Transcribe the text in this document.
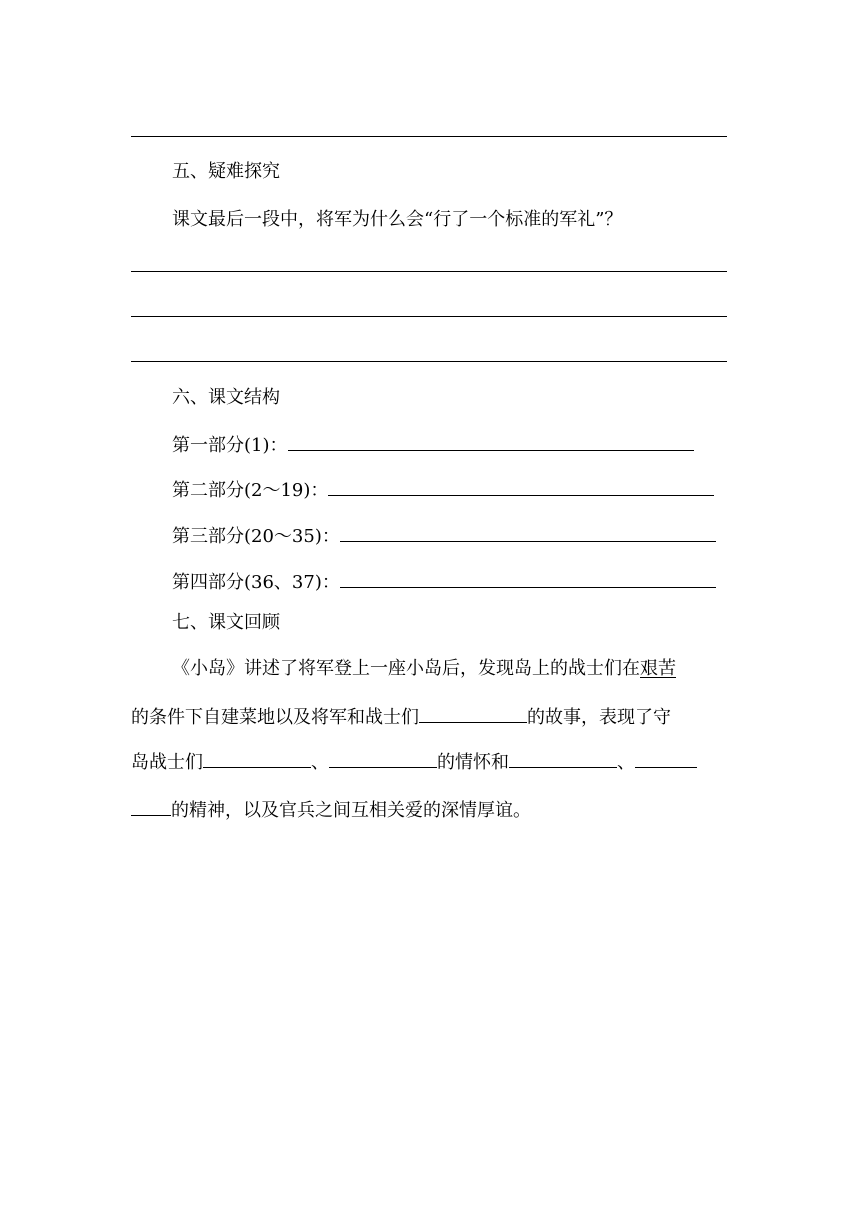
五、疑难探究
课文最后一段中，将军为什么会“行了一个标准的军礼”？
六、课文结构
第一部分(1)：
第二部分(2～19)：
第三部分(20～35)：
第四部分(36、37)：
七、课文回顾
《小岛》讲述了将军登上一座小岛后，发现岛上的战士们在艰苦
的条件下自建菜地以及将军和战士们	的故事，表现了守
岛战士们	、	的情怀和	、
的精神，以及官兵之间互相关爱的深情厚谊。
